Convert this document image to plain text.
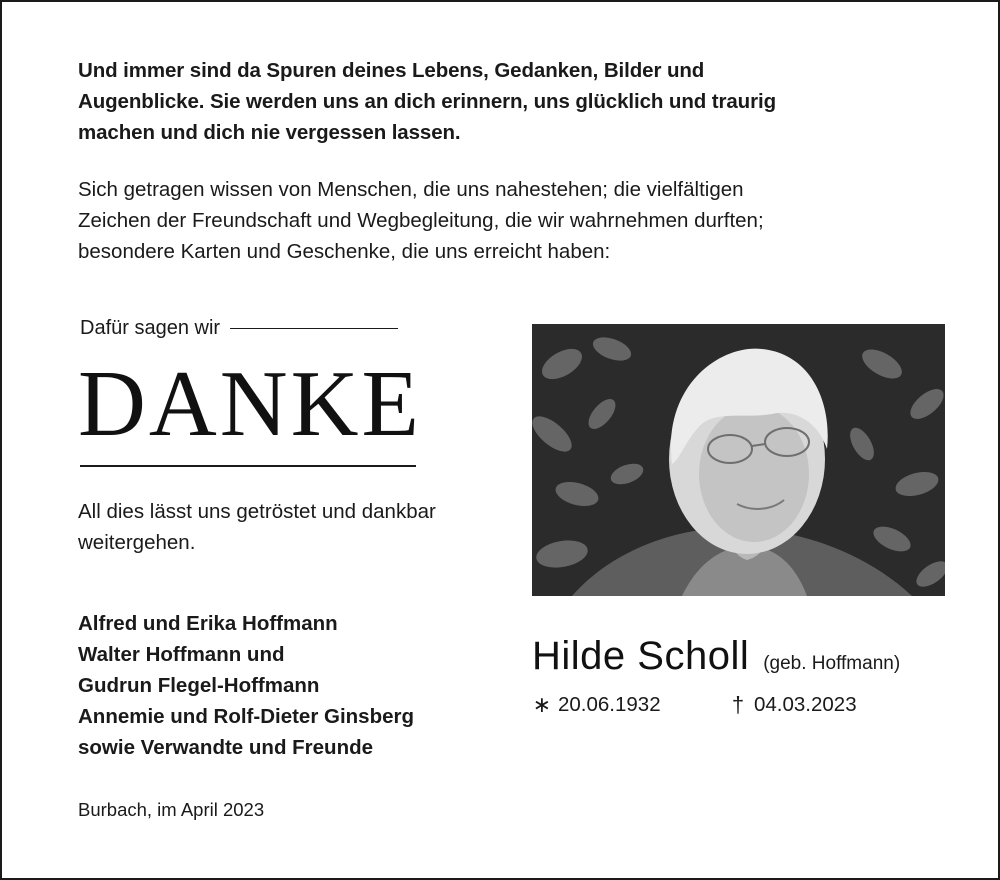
Und immer sind da Spuren deines Lebens, Gedanken, Bilder und

Augenblicke. Sie werden uns an dich erinnern, uns glücklich und traurig

machen und dich nie vergessen lassen.

Sich getragen wissen von Menschen, die uns nahestehen; die vielfältigen

Zeichen der Freundschaft und Wegbegleitung, die wir wahrnehmen durften;

besondere Karten und Geschenke, die uns erreicht haben:

Dafür sagen wir
DANKE
All dies lässt uns getröstet und dankbar
weitergehen.
Alfred und Erika Hoffmann
Walter Hoffmann und
Gudrun Flegel-Hoffmann
Annemie und Rolf-Dieter Ginsberg
sowie Verwandte und Freunde
Burbach, im April 2023
Hilde Scholl (geb. Hoffmann)
∗ 20.06.1932	† 04.03.2023
